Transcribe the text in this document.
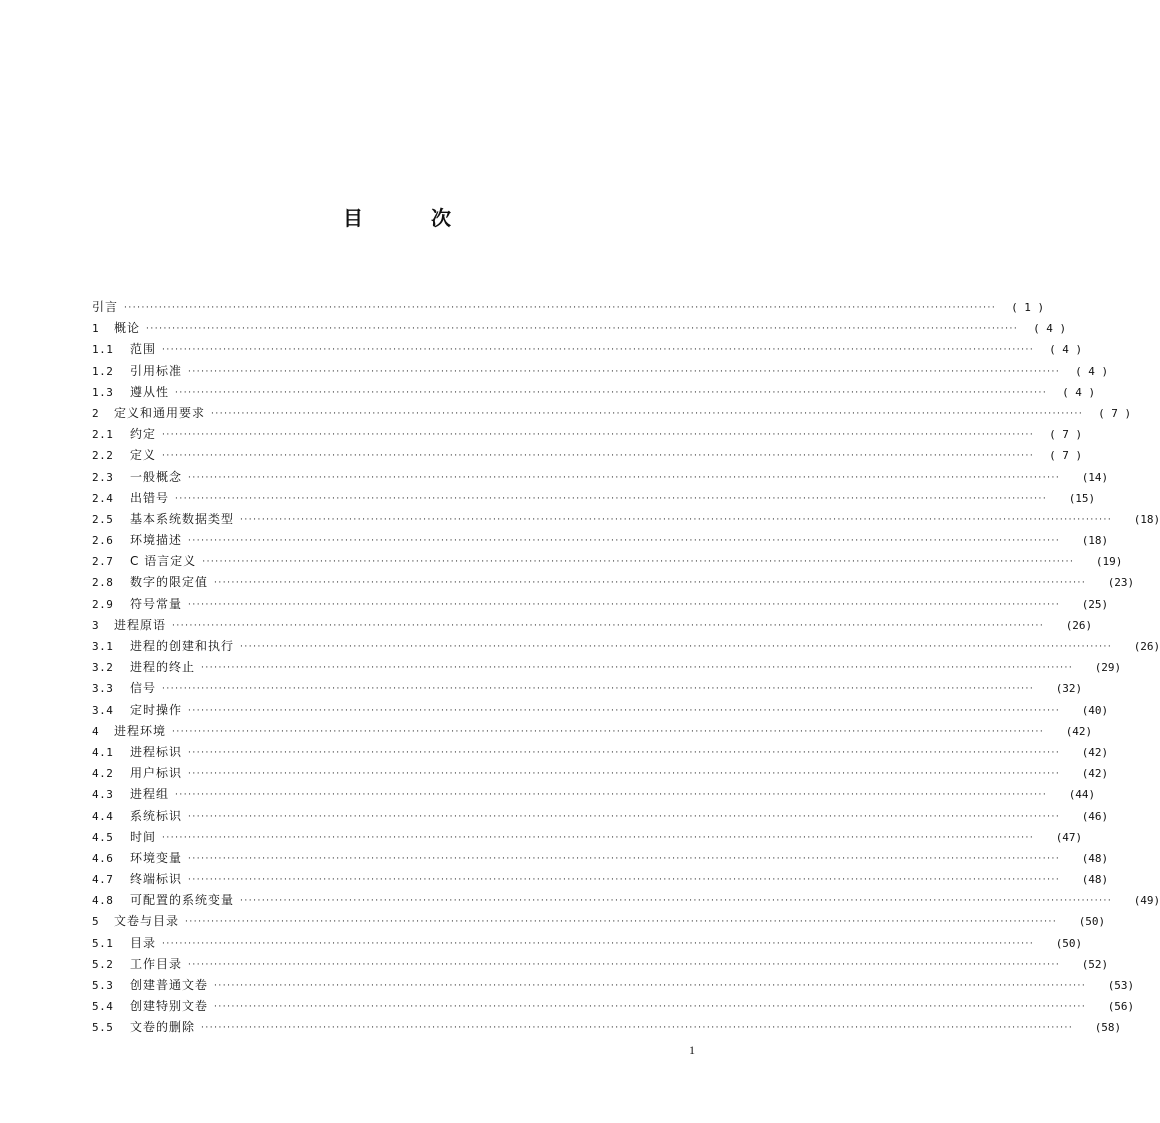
目	次
引言 ········································································································································································································	( 1 )
1	概论 ········································································································································································································	( 4 )
1.1	范围 ········································································································································································································	( 4 )
1.2	引用标准 ········································································································································································································	( 4 )
1.3	遵从性 ········································································································································································································	( 4 )
2	定义和通用要求 ········································································································································································································	( 7 )
2.1	约定 ········································································································································································································	( 7 )
2.2	定义 ········································································································································································································	( 7 )
2.3	一般概念 ········································································································································································································	(14)
2.4	出错号 ········································································································································································································	(15)
2.5	基本系统数据类型 ········································································································································································································	(18)
2.6	环境描述 ········································································································································································································	(18)
2.7	C 语言定义 ········································································································································································································	(19)
2.8	数字的限定值 ········································································································································································································	(23)
2.9	符号常量 ········································································································································································································	(25)
3	进程原语 ········································································································································································································	(26)
3.1	进程的创建和执行 ········································································································································································································	(26)
3.2	进程的终止 ········································································································································································································	(29)
3.3	信号 ········································································································································································································	(32)
3.4	定时操作 ········································································································································································································	(40)
4	进程环境 ········································································································································································································	(42)
4.1	进程标识 ········································································································································································································	(42)
4.2	用户标识 ········································································································································································································	(42)
4.3	进程组 ········································································································································································································	(44)
4.4	系统标识 ········································································································································································································	(46)
4.5	时间 ········································································································································································································	(47)
4.6	环境变量 ········································································································································································································	(48)
4.7	终端标识 ········································································································································································································	(48)
4.8	可配置的系统变量 ········································································································································································································	(49)
5	文卷与目录 ········································································································································································································	(50)
5.1	目录 ········································································································································································································	(50)
5.2	工作目录 ········································································································································································································	(52)
5.3	创建普通文卷 ········································································································································································································	(53)
5.4	创建特别文卷 ········································································································································································································	(56)
5.5	文卷的删除 ········································································································································································································	(58)
1
